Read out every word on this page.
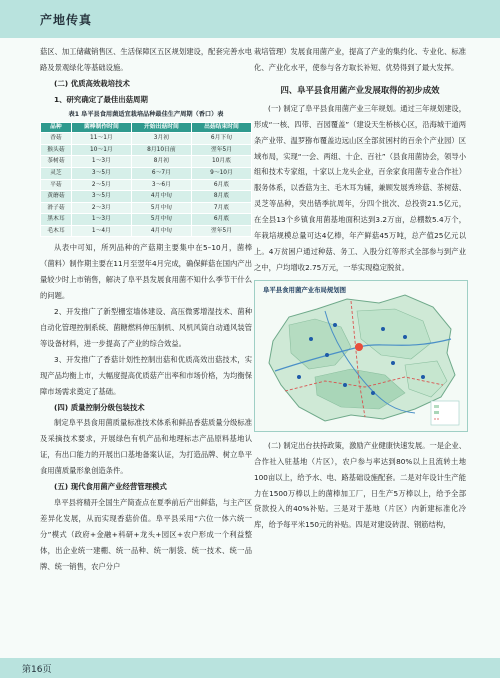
产地传真

菇区、加工储藏销售区、生活保障区五区规划建设，配套完善水电路及景观绿化等基础设施。

(二) 优质高效栽培技术

1、研究确定了最佳出菇周期

表1 阜平县食用菌适宜栽培品种最佳生产周期（香口）表
品种	菌棒制作时间	开始出菇时间	出菇结束时间
香菇	11～1月	3月初	6月下旬
猴头菇	10～1月	8月10日前	翌年5月
茶树菇	1～3月	8月初	10月底
灵芝	3～5月	6～7月	9～10月
平菇	2～5月	3～6月	6月底
黄蘑菇	3～5月	4月中旬	8月底
滑子菇	2～3月	5月中旬	7月底
黑木耳	1～3月	5月中旬	6月底
毛木耳	1～4月	4月中旬	翌年5月

从表中可知，所列品种的产菇期主要集中在5–10月，菌棒（菌料）制作期主要在11月至翌年4月完成，确保鲜菇在国内产出量较少时上市销售，解决了阜平县发展食用菌不知什么季节干什么的问题。

2、开发推广了新型栅室墙体建设、高压微雾增湿技术、菌种自动化管理控制系统、菌糖燃料伸压制机、风机风筒自动通风装管等设备材料，进一步提高了产业的综合效益。

3、开发推广了香菇计划性控制出菇和优质高效出菇技术，实现产品均衡上市，大幅度提高优质菇产出率和市场价格，为均衡保障市场需求奠定了基础。

(四) 质量控制分级包装技术

制定阜平县食用菌质量标准技术体系和鲜品香菇质量分级标准及采摘技术要求，开展绿色有机产品和地理标志产品原料基地认证，有出口能力的开展出口基地备案认证，为打造品牌、树立阜平食用菌质量形象创造条件。

(五) 现代食用菌产业经营管理模式

阜平县将精开全国生产简查点在夏季前后产出鲜菇，与主产区差异化发展，从而实现香菇价值。阜平县采用“六位一体六统一分”模式（政府+金融+科研+龙头+园区+农户形成一个利益整体，出企业统一建棚、统一品种、统一制袋、统一技术、统一品牌、统一销售，农户分户

栽培管理）发展食用菌产业，提高了产业的集约化、专业化、标准化、产业化水平，使参与各方取长补短、优势得到了最大发挥。

四、阜平县食用菌产业发展取得的初步成效

(一) 制定了阜平县食用菌产业三年规划。通过三年规划建设，形成“一核、四带、百园覆盖”（建设天生桥核心区，沿海城干道两条产业带、温罗猕布覆盖边远山区全部贫困村的百余个产业园）区域布局，实现“一会、两组、十企、百社”（县食用菌协会，领导小组和技术专家组，十家以上龙头企业，百余家食用菌专业合作社）服务体系，以香菇为主、毛木耳为辅，兼顾发展秀珍菇、茶树菇、灵芝等品种，突出错季抗周年，分四个批次、总投资21.5亿元，在全县13个乡镇食用菌基地面积达到3.2万亩，总棚数5.4万个，年栽培规模总量可达4亿棒，年产鲜菇45万吨，总产值25亿元以上。4万贫困户通过种菇、务工、入股分红等形式全部参与到产业之中，户均增收2.75万元，一举实现稳定脱贫。

阜平县食用菌产业布局规划图

(二) 制定出台扶持政策，激励产业健康快速发展。一是企业、合作社入驻基地（片区），农户参与率达到80%以上且流转土地100亩以上，给予水、电、路基础设施配套。二是对年设计生产能力在1500万棒以上的菌棒加工厂，日生产5万棒以上，给予全部贷款投入的40%补贴。三是对于基地（片区）内新建标准化冷库，给予每平米150元的补贴。四是对建设砖混、钢筋结构，

第16页
